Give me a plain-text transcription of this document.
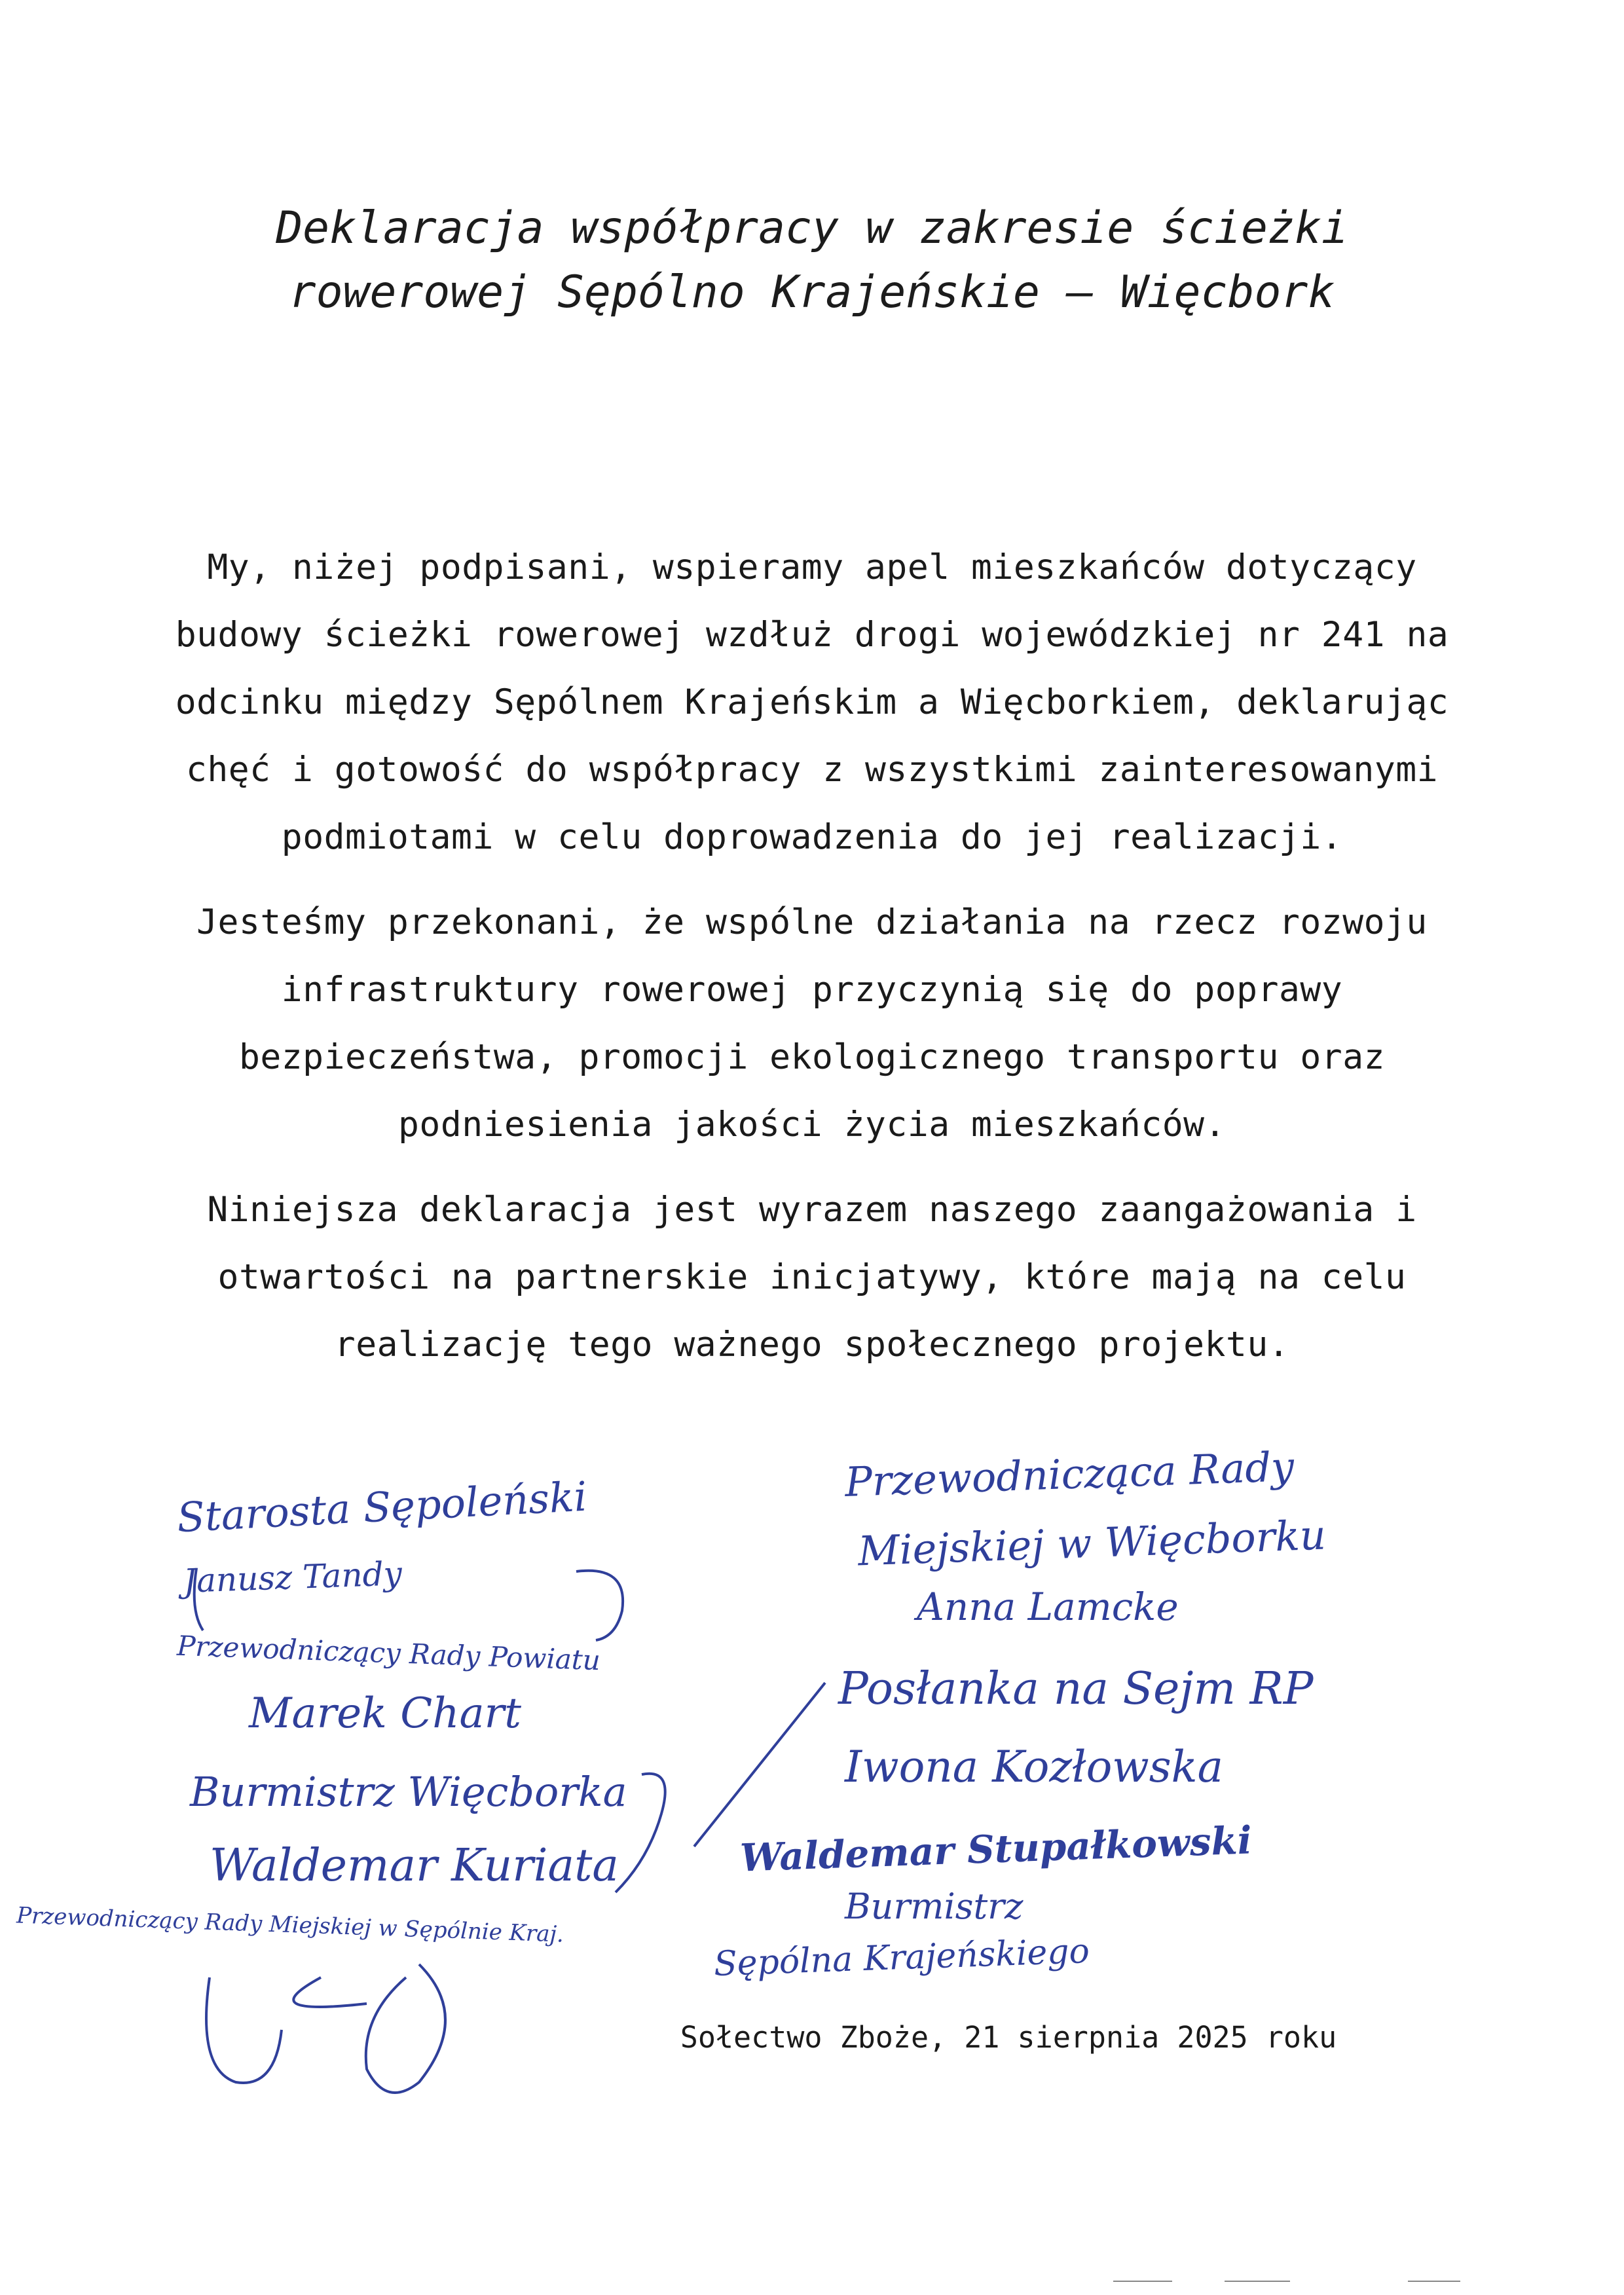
Deklaracja współpracy w zakresie ścieżki
rowerowej Sępólno Krajeńskie – Więcbork

My, niżej podpisani, wspieramy apel mieszkańców dotyczący budowy ścieżki rowerowej wzdłuż drogi wojewódzkiej nr 241 na odcinku między Sępólnem Krajeńskim a Więcborkiem, deklarując chęć i gotowość do współpracy z wszystkimi zainteresowanymi podmiotami w celu doprowadzenia do jej realizacji.

Jesteśmy przekonani, że wspólne działania na rzecz rozwoju infrastruktury rowerowej przyczynią się do poprawy bezpieczeństwa, promocji ekologicznego transportu oraz podniesienia jakości życia mieszkańców.

Niniejsza deklaracja jest wyrazem naszego zaangażowania i otwartości na partnerskie inicjatywy, które mają na celu realizację tego ważnego społecznego projektu.

Starosta Sępoleński
Janusz Tandy
Przewodniczący Rady Powiatu
Marek Chart
Burmistrz Więcborka
Waldemar Kuriata
Przewodniczący Rady Miejskiej w Sępólnie Kraj.
Przewodnicząca Rady
Miejskiej w Więcborku
Anna Lamcke
Posłanka na Sejm RP
Iwona Kozłowska
Waldemar Stupałkowski
Burmistrz
Sępólna Krajeńskiego
Sołectwo Zboże, 21 sierpnia 2025 roku
